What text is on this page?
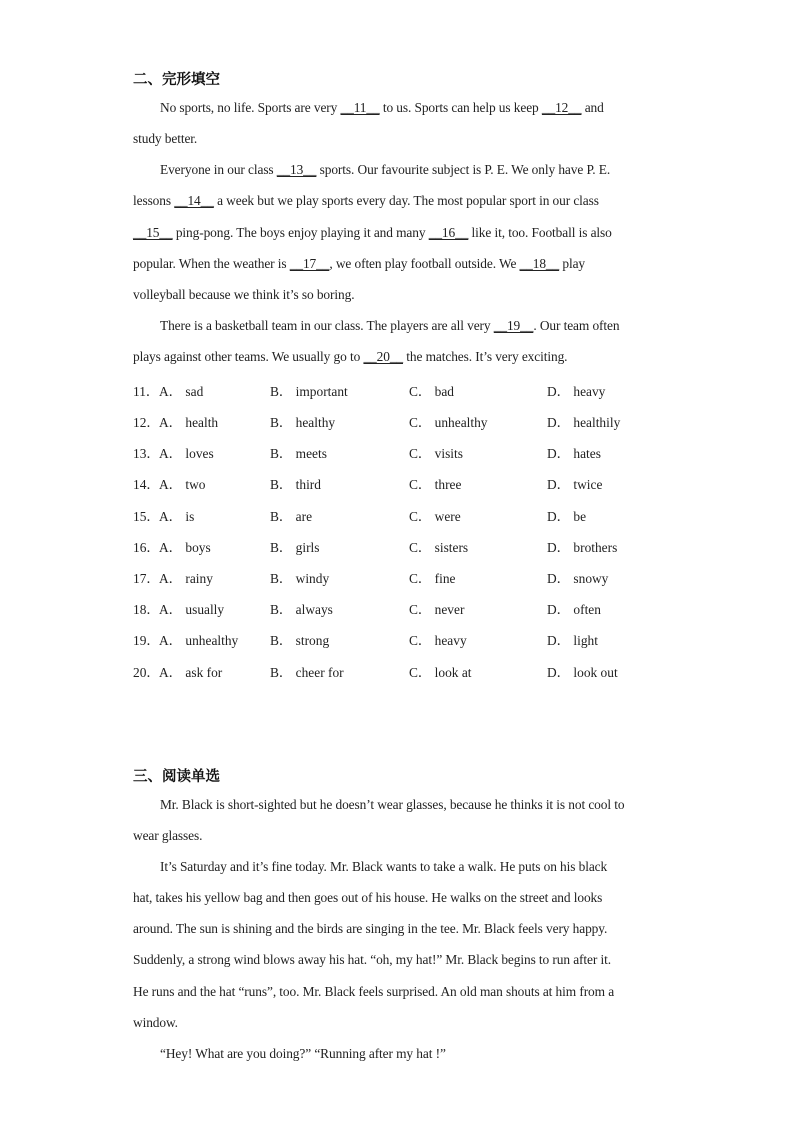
二、完形填空
No sports, no life. Sports are very __11__ to us. Sports can help us keep __12__ and
study better.
Everyone in our class __13__ sports. Our favourite subject is P. E. We only have P. E.
lessons __14__ a week but we play sports every day. The most popular sport in our class
__15__ ping-pong. The boys enjoy playing it and many __16__ like it, too. Football is also
popular. When the weather is __17__, we often play football outside. We __18__ play
volleyball because we think it’s so boring.
There is a basketball team in our class. The players are all very __19__. Our team often
plays against other teams. We usually go to __20__ the matches. It’s very exciting.
11． A． sad	B． important	C． bad	D． heavy
12． A． health	B． healthy	C． unhealthy	D． healthily
13． A． loves	B． meets	C． visits	D． hates
14． A． two	B． third	C． three	D． twice
15． A． is	B． are	C． were	D． be
16． A． boys	B． girls	C． sisters	D． brothers
17． A． rainy	B． windy	C． fine	D． snowy
18． A． usually	B． always	C． never	D． often
19． A． unhealthy B． strong	C． heavy	D． light
20． A． ask for	B． cheer for	C． look at	D． look out
三、阅读单选
Mr. Black is short-sighted but he doesn’t wear glasses, because he thinks it is not cool to
wear glasses.
It’s Saturday and it’s fine today. Mr. Black wants to take a walk. He puts on his black
hat, takes his yellow bag and then goes out of his house. He walks on the street and looks
around. The sun is shining and the birds are singing in the tee. Mr. Black feels very happy.
Suddenly, a strong wind blows away his hat. “oh, my hat!” Mr. Black begins to run after it.
He runs and the hat “runs”, too. Mr. Black feels surprised. An old man shouts at him from a
window.
“Hey! What are you doing?” “Running after my hat !”
